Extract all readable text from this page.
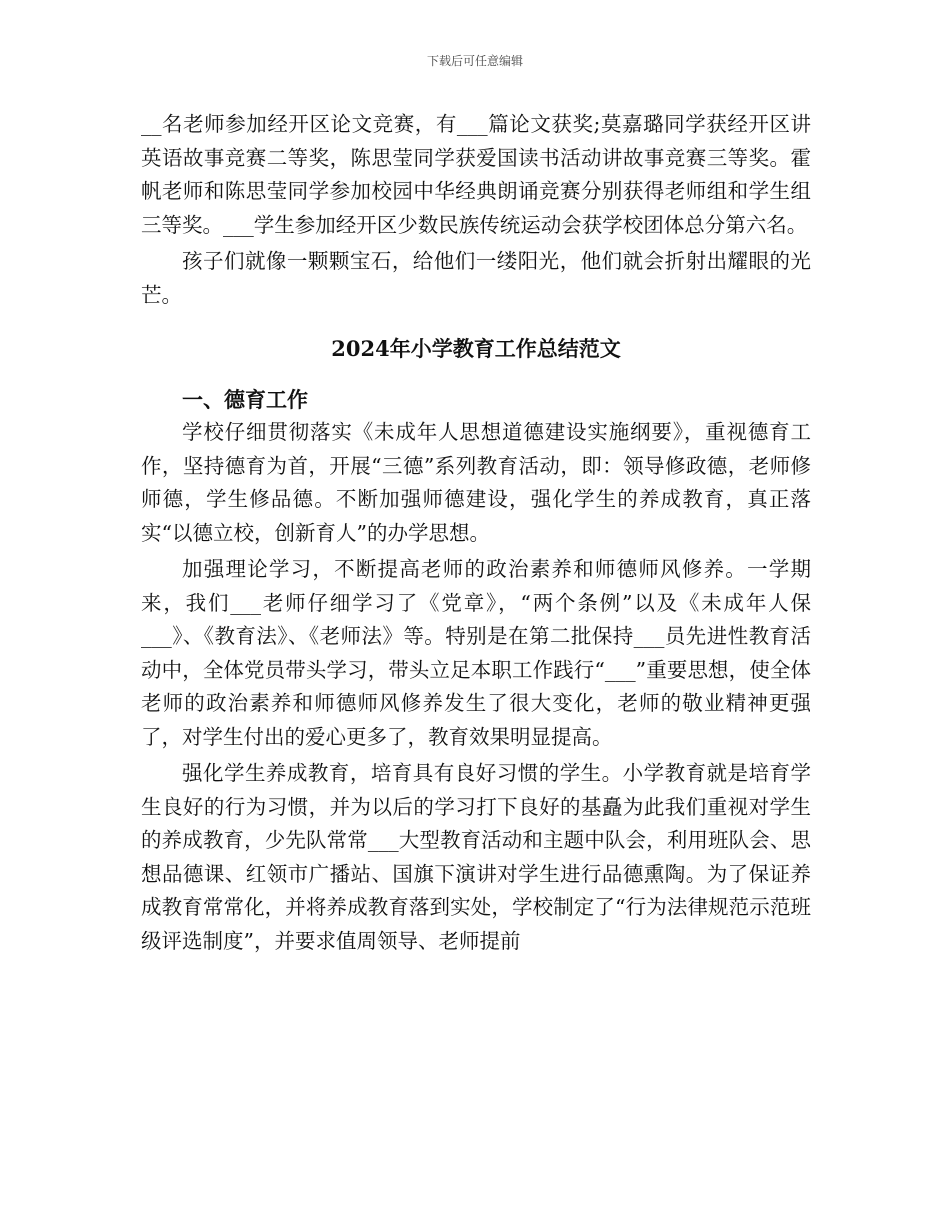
下载后可任意编辑

__名老师参加经开区论文竞赛，有___篇论文获奖;莫嘉璐同学获经开区讲英语故事竞赛二等奖，陈思莹同学获爱国读书活动讲故事竞赛三等奖。霍帆老师和陈思莹同学参加校园中华经典朗诵竞赛分别获得老师组和学生组三等奖。___学生参加经开区少数民族传统运动会获学校团体总分第六名。

孩子们就像一颗颗宝石，给他们一缕阳光，他们就会折射出耀眼的光芒。

2024年小学教育工作总结范文

一、德育工作

学校仔细贯彻落实《未成年人思想道德建设实施纲要》，重视德育工作，坚持德育为首，开展“三德”系列教育活动，即：领导修政德，老师修师德，学生修品德。不断加强师德建设，强化学生的养成教育，真正落实“以德立校，创新育人”的办学思想。

加强理论学习，不断提高老师的政治素养和师德师风修养。一学期来，我们___老师仔细学习了《党章》，“两个条例”以及《未成年人保___》、《教育法》、《老师法》等。特别是在第二批保持___员先进性教育活动中，全体党员带头学习，带头立足本职工作践行“___”重要思想，使全体老师的政治素养和师德师风修养发生了很大变化，老师的敬业精神更强了，对学生付出的爱心更多了，教育效果明显提高。

强化学生养成教育，培育具有良好习惯的学生。小学教育就是培育学生良好的行为习惯，并为以后的学习打下良好的基矗为此我们重视对学生的养成教育，少先队常常___大型教育活动和主题中队会，利用班队会、思想品德课、红领市广播站、国旗下演讲对学生进行品德熏陶。为了保证养成教育常常化，并将养成教育落到实处，学校制定了“行为法律规范示范班级评选制度”，并要求值周领导、老师提前
